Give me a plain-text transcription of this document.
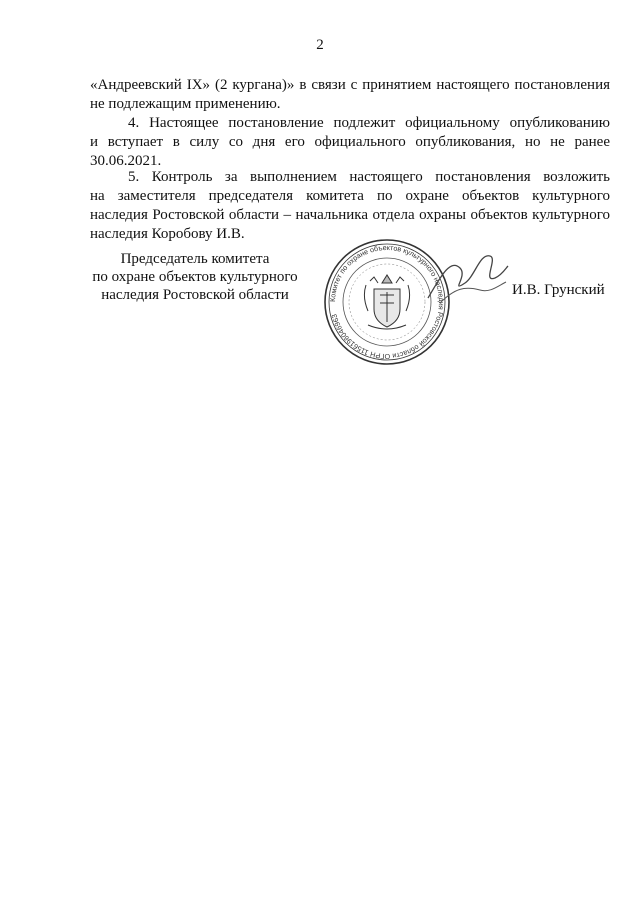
2
«Андреевский IX» (2 кургана)» в связи с принятием настоящего постановления
не подлежащим применению.
4. Настоящее постановление подлежит официальному опубликованию
и вступает в силу со дня его официального опубликования, но не ранее
30.06.2021.
5. Контроль за выполнением настоящего постановления возложить
на заместителя председателя комитета по охране объектов культурного
наследия Ростовской области – начальника отдела охраны объектов культурного
наследия Коробову И.В.
Председатель комитета
по охране объектов культурного
наследия Ростовской области	Комитет по охране объектов культурного наследия Ростовской области ОГРН 1156196046963
И.В. Грунский
